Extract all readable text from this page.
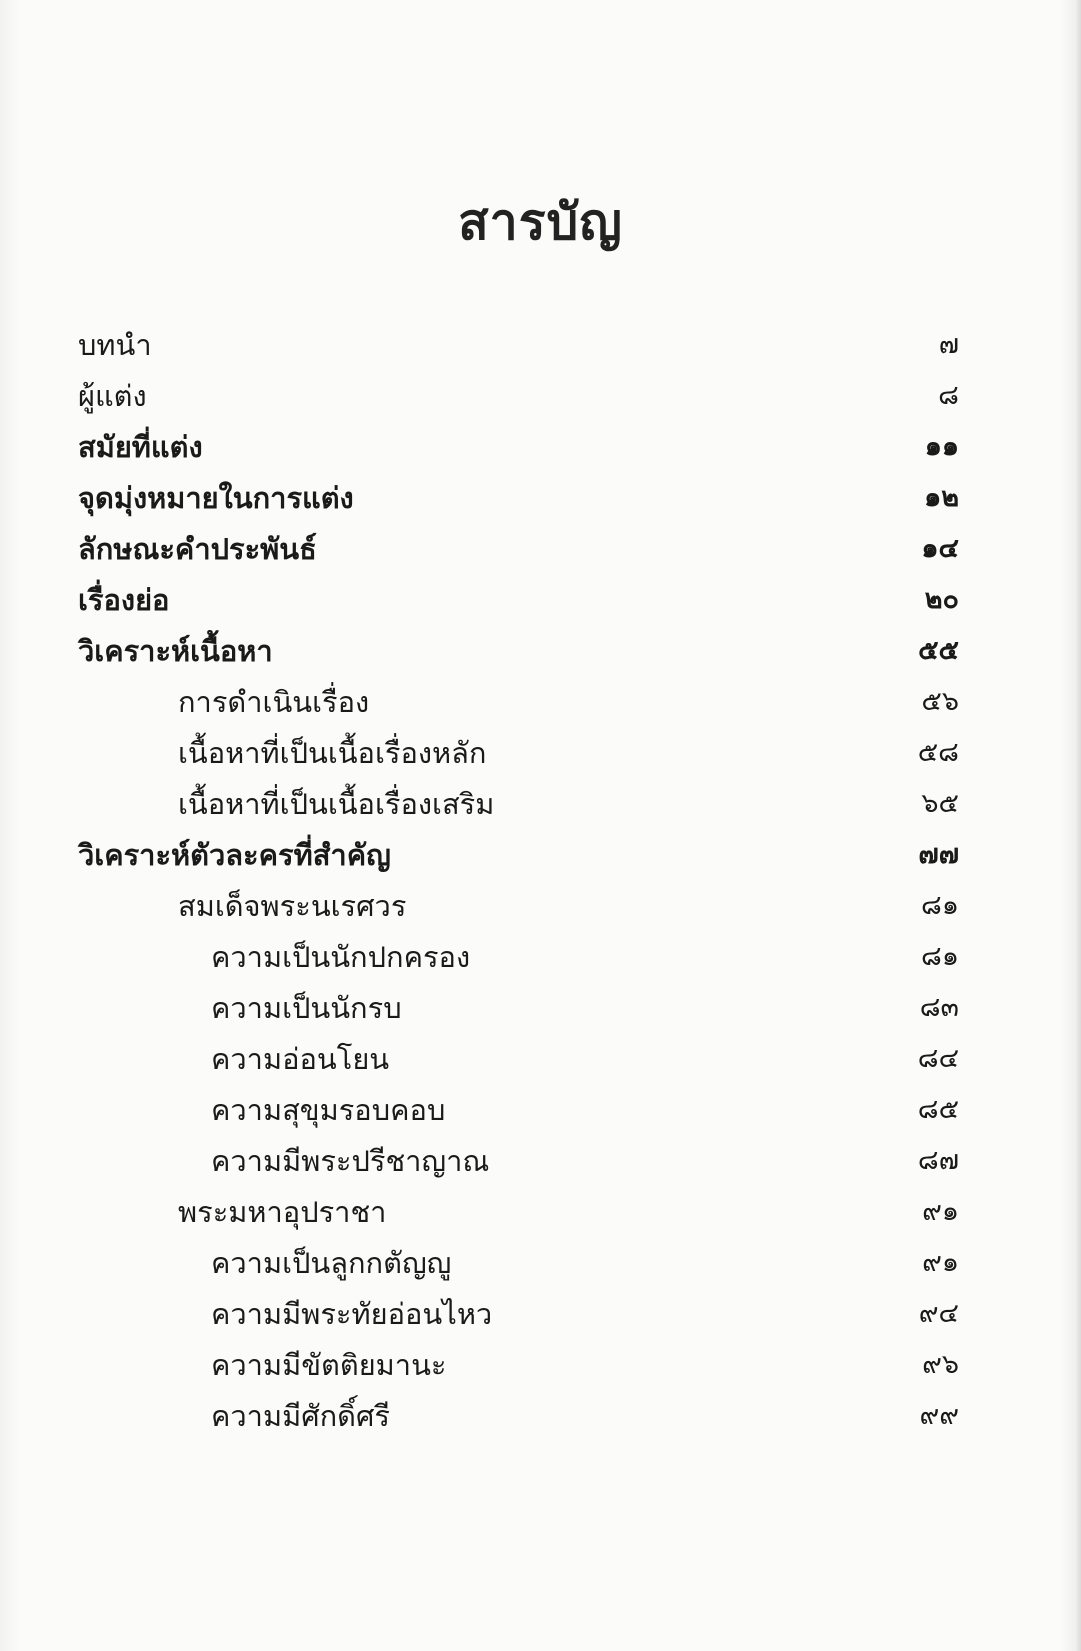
สารบัญ
บทนำ	๗
ผู้แต่ง	๘
สมัยที่แต่ง	๑๑
จุดมุ่งหมายในการแต่ง	๑๒
ลักษณะคำประพันธ์	๑๔
เรื่องย่อ	๒๐
วิเคราะห์เนื้อหา	๕๕
การดำเนินเรื่อง	๕๖
เนื้อหาที่เป็นเนื้อเรื่องหลัก	๕๘
เนื้อหาที่เป็นเนื้อเรื่องเสริม	๖๕
วิเคราะห์ตัวละครที่สำคัญ	๗๗
สมเด็จพระนเรศวร	๘๑
ความเป็นนักปกครอง	๘๑
ความเป็นนักรบ	๘๓
ความอ่อนโยน	๘๔
ความสุขุมรอบคอบ	๘๕
ความมีพระปรีชาญาณ	๘๗
พระมหาอุปราชา	๙๑
ความเป็นลูกกตัญญู	๙๑
ความมีพระทัยอ่อนไหว	๙๔
ความมีขัตติยมานะ	๙๖
ความมีศักดิ์ศรี	๙๙
